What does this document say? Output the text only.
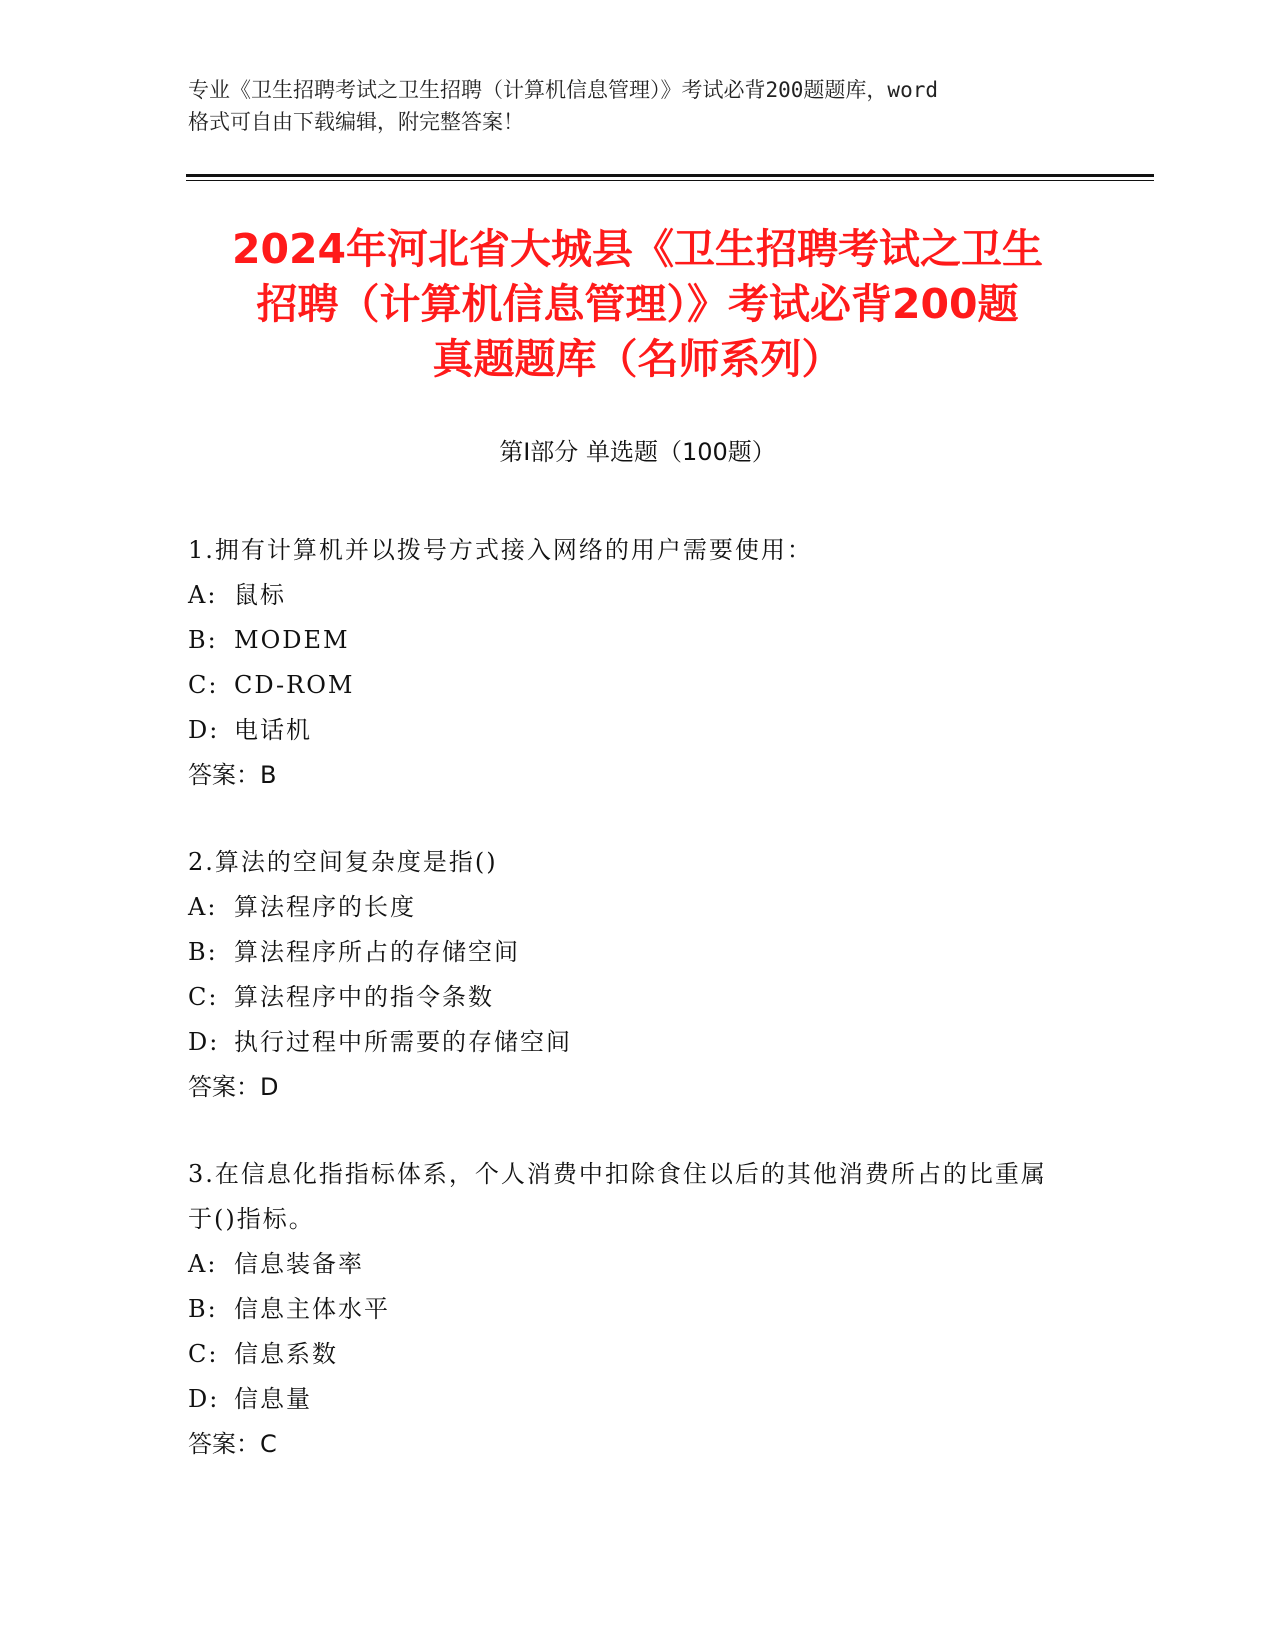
专业《卫生招聘考试之卫生招聘（计算机信息管理）》考试必背200题题库，word
格式可自由下载编辑，附完整答案！
2024年河北省大城县《卫生招聘考试之卫生
招聘（计算机信息管理）》考试必背200题
真题题库（名师系列）
第Ⅰ部分 单选题（100题）
1.拥有计算机并以拨号方式接入网络的用户需要使用：
A: 鼠标
B: MODEM
C: CD-ROM
D: 电话机
答案：B
2.算法的空间复杂度是指()
A: 算法程序的长度
B: 算法程序所占的存储空间
C: 算法程序中的指令条数
D: 执行过程中所需要的存储空间
答案：D
3.在信息化指指标体系，个人消费中扣除食住以后的其他消费所占的比重属于()指标。
A: 信息装备率
B: 信息主体水平
C: 信息系数
D: 信息量
答案：C
